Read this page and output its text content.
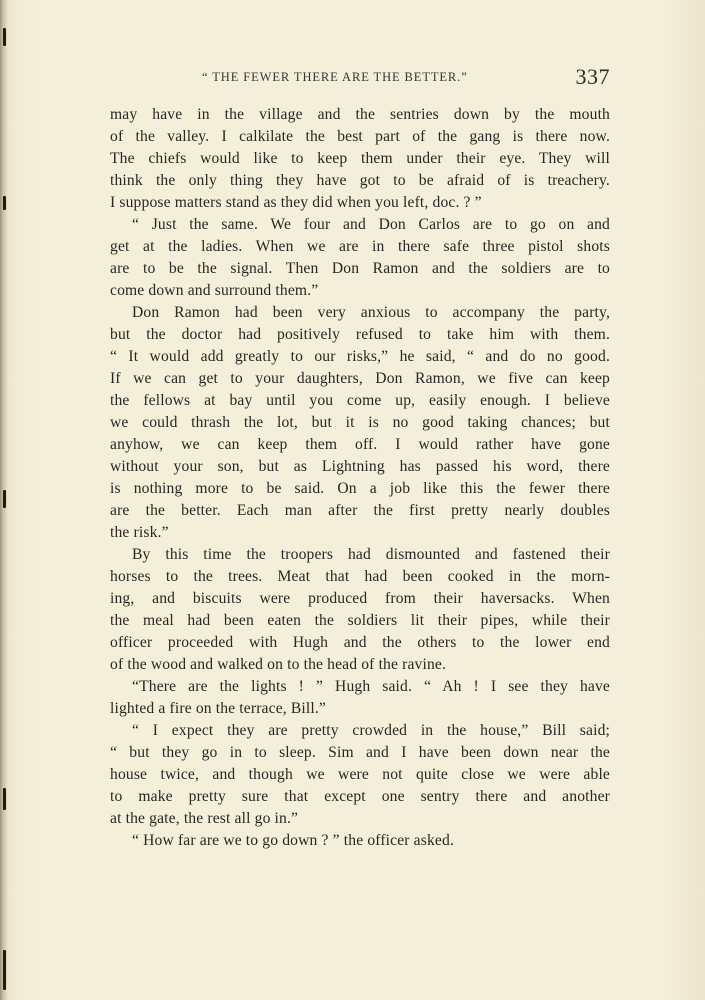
“ THE FEWER THERE ARE THE BETTER.”	337
may have in the village and the sentries down by the mouth
of the valley. I calkilate the best part of the gang is there now.
The chiefs would like to keep them under their eye. They will
think the only thing they have got to be afraid of is treachery.
I suppose matters stand as they did when you left, doc. ? ”
“ Just the same. We four and Don Carlos are to go on and
get at the ladies. When we are in there safe three pistol shots
are to be the signal. Then Don Ramon and the soldiers are to
come down and surround them.”
Don Ramon had been very anxious to accompany the party,
but the doctor had positively refused to take him with them.
“ It would add greatly to our risks,” he said, “ and do no good.
If we can get to your daughters, Don Ramon, we five can keep
the fellows at bay until you come up, easily enough. I believe
we could thrash the lot, but it is no good taking chances; but
anyhow, we can keep them off. I would rather have gone
without your son, but as Lightning has passed his word, there
is nothing more to be said. On a job like this the fewer there
are the better. Each man after the first pretty nearly doubles
the risk.”
By this time the troopers had dismounted and fastened their
horses to the trees. Meat that had been cooked in the morn-
ing, and biscuits were produced from their haversacks. When
the meal had been eaten the soldiers lit their pipes, while their
officer proceeded with Hugh and the others to the lower end
of the wood and walked on to the head of the ravine.
“There are the lights ! ” Hugh said. “ Ah ! I see they have
lighted a fire on the terrace, Bill.”
“ I expect they are pretty crowded in the house,” Bill said;
“ but they go in to sleep. Sim and I have been down near the
house twice, and though we were not quite close we were able
to make pretty sure that except one sentry there and another
at the gate, the rest all go in.”
“ How far are we to go down ? ” the officer asked.
